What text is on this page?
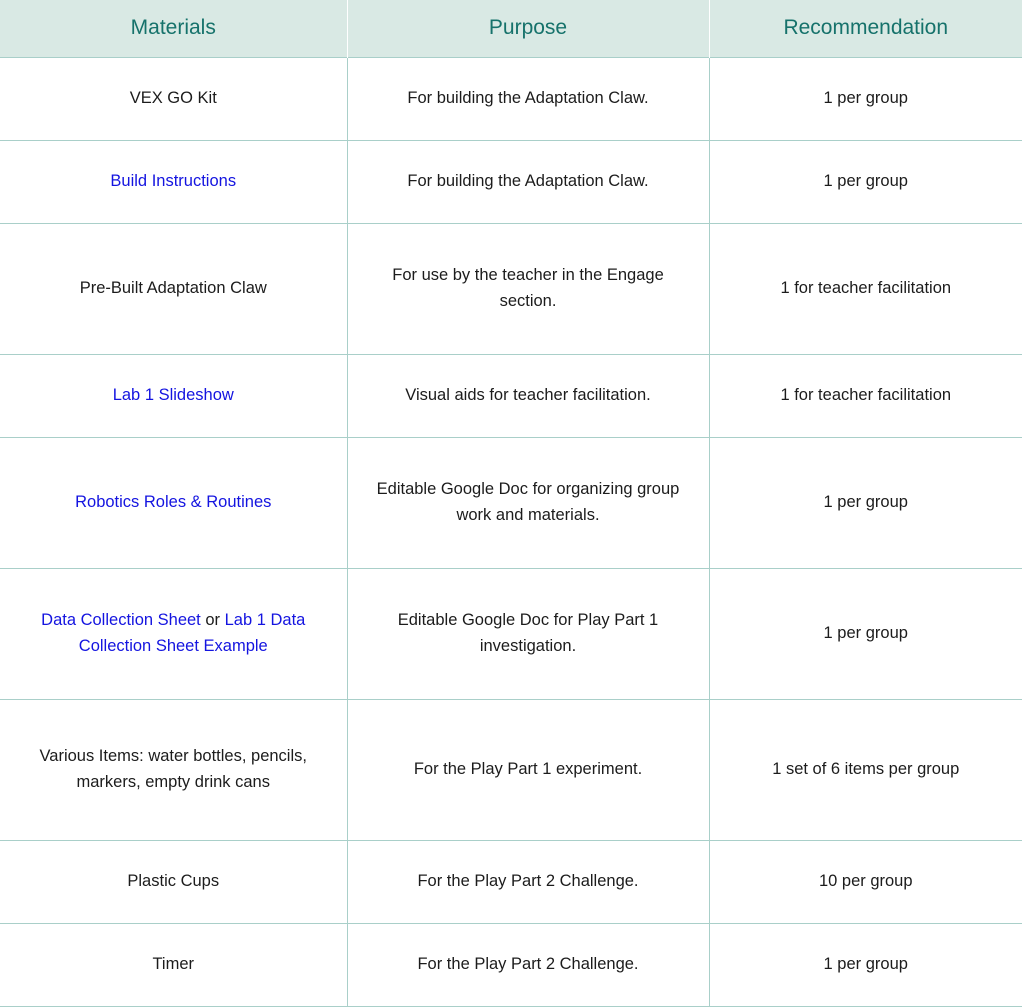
Materials	Purpose	Recommendation
VEX GO Kit	For building the Adaptation Claw.	1 per group
Build Instructions	For building the Adaptation Claw.	1 per group
Pre-Built Adaptation Claw	For use by the teacher in the Engage section.	1 for teacher facilitation
Lab 1 Slideshow	Visual aids for teacher facilitation.	1 for teacher facilitation
Robotics Roles & Routines	Editable Google Doc for organizing group work and materials.	1 per group
Data Collection Sheet or Lab 1 Data Collection Sheet Example	Editable Google Doc for Play Part 1 investigation.	1 per group
Various Items: water bottles, pencils, markers, empty drink cans	For the Play Part 1 experiment.	1 set of 6 items per group
Plastic Cups	For the Play Part 2 Challenge.	10 per group
Timer	For the Play Part 2 Challenge.	1 per group
